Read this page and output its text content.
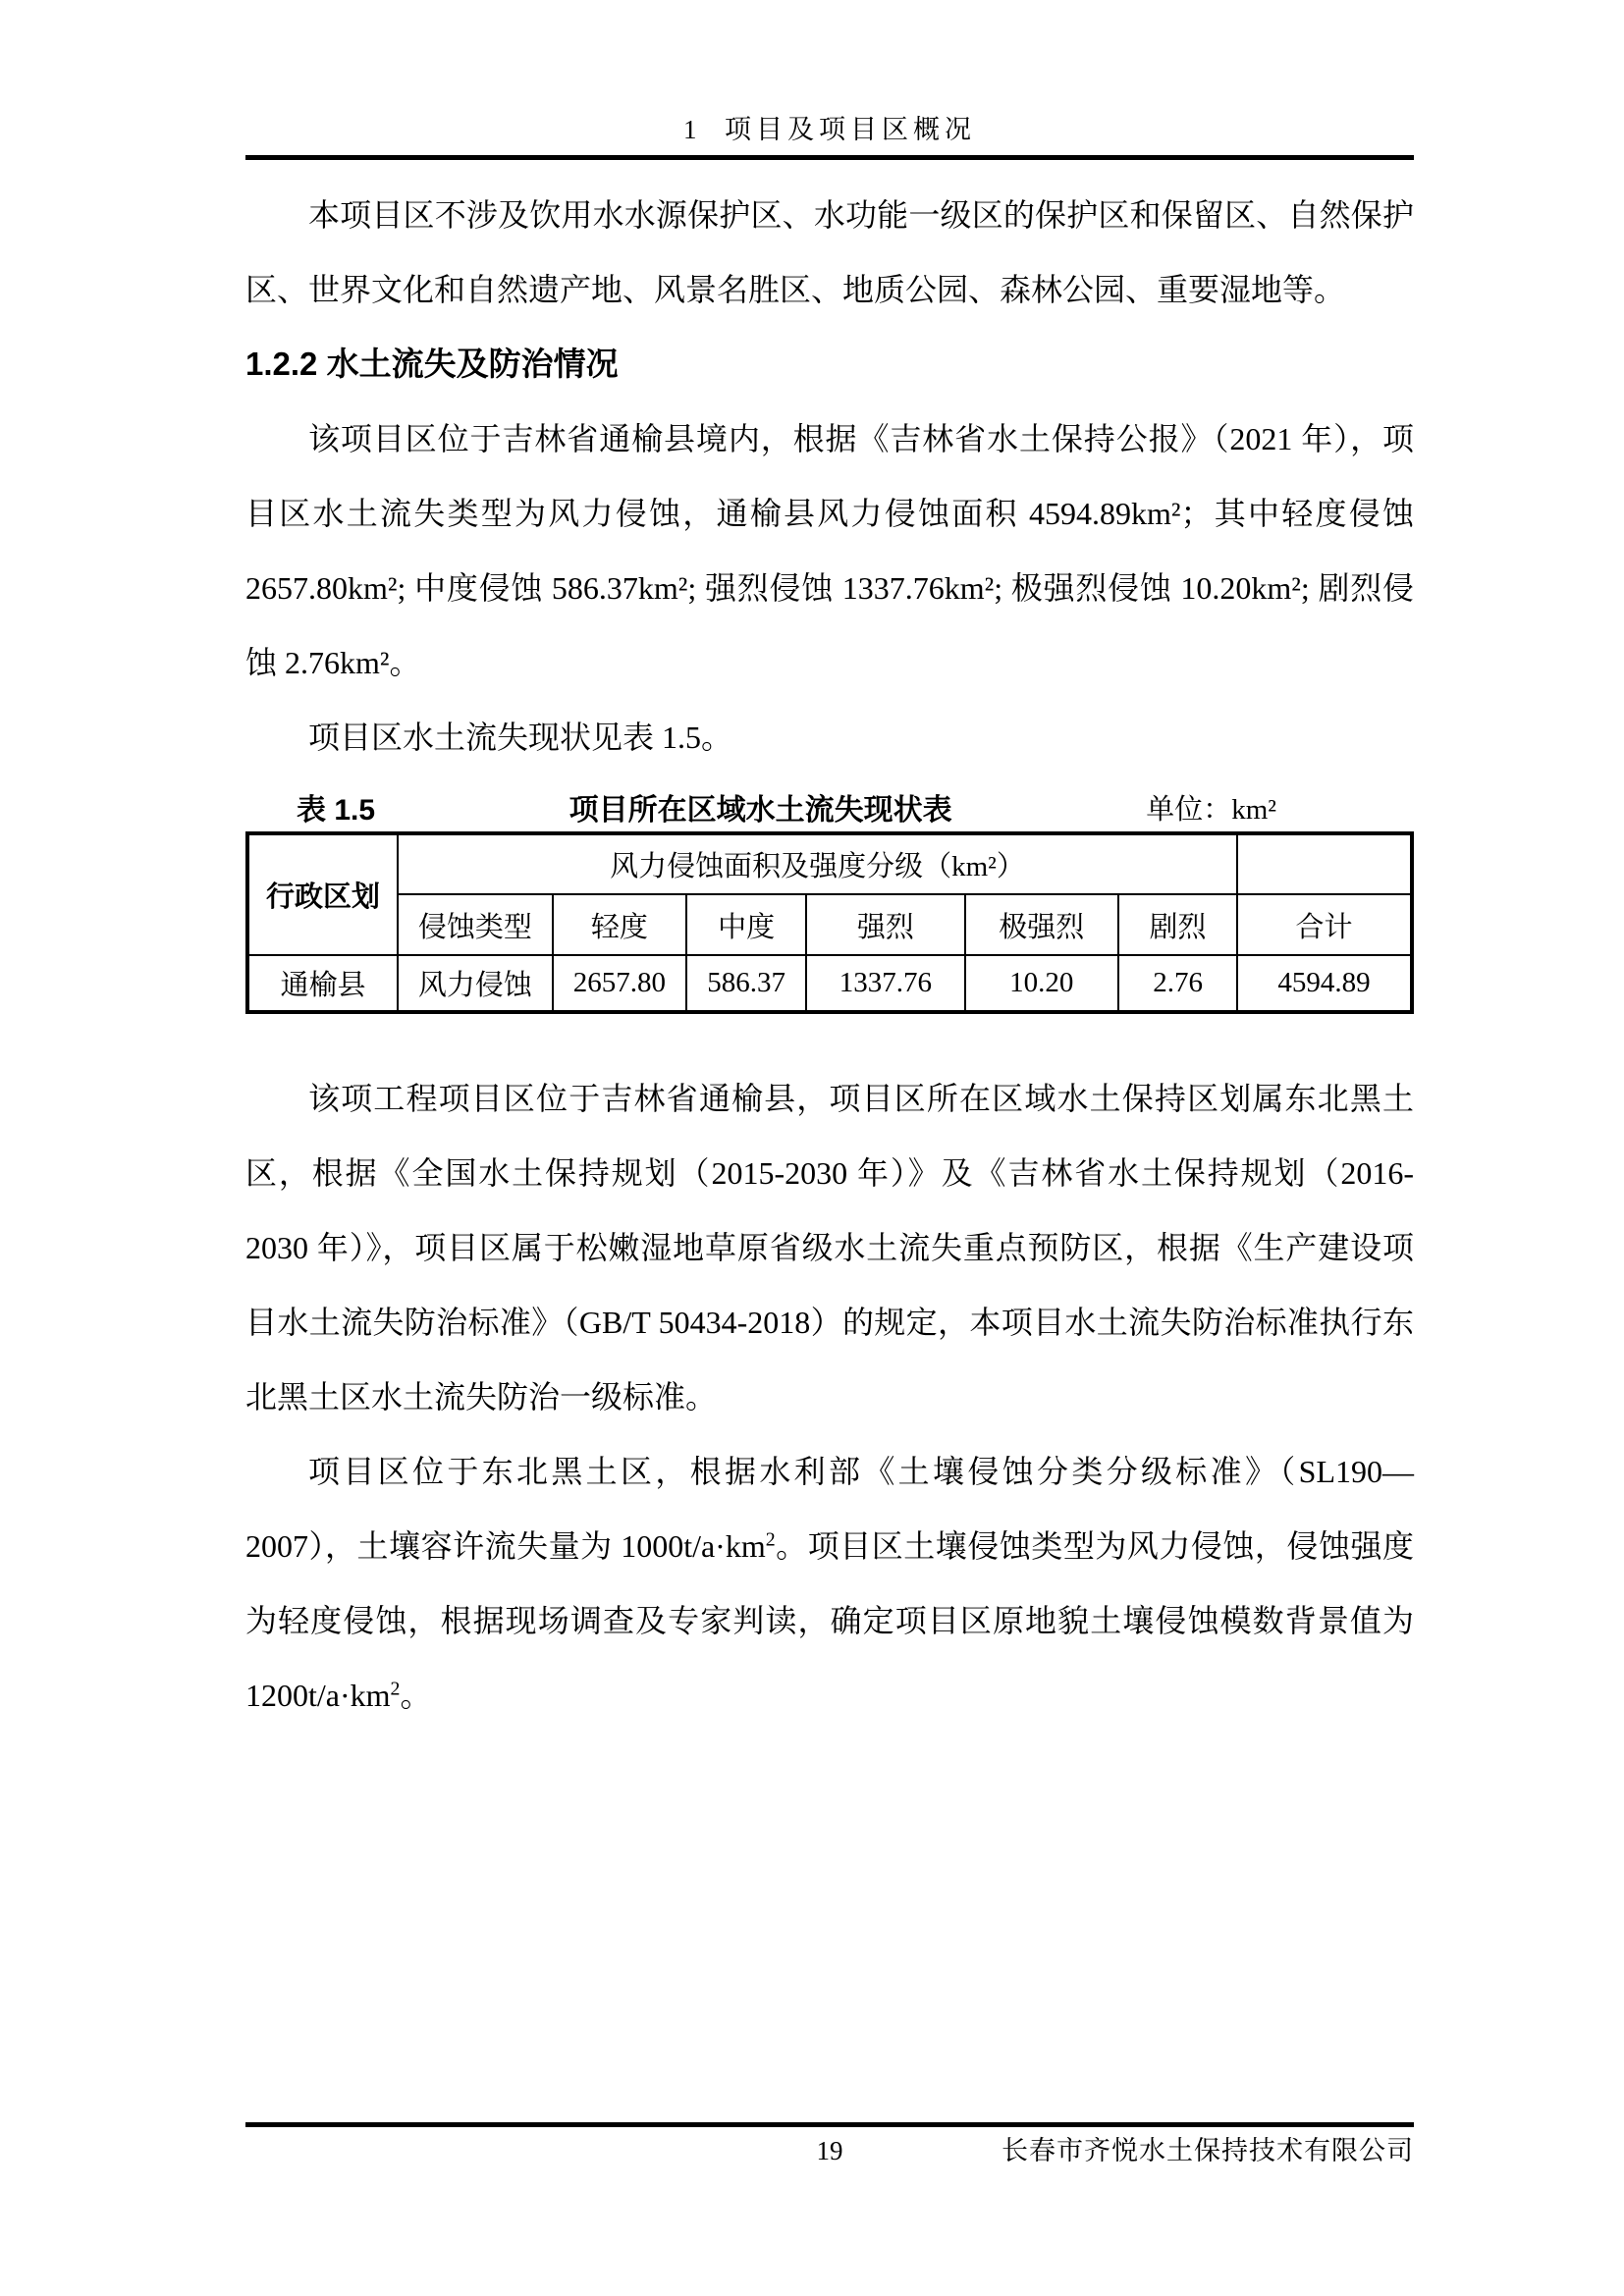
1  项目及项目区概况

本项目区不涉及饮用水水源保护区、水功能一级区的保护区和保留区、自然保护区、世界文化和自然遗产地、风景名胜区、地质公园、森林公园、重要湿地等。

1.2.2 水土流失及防治情况

该项目区位于吉林省通榆县境内，根据《吉林省水土保持公报》（2021 年），项目区水土流失类型为风力侵蚀，通榆县风力侵蚀面积 4594.89km²；其中轻度侵蚀 2657.80km²; 中度侵蚀 586.37km²; 强烈侵蚀 1337.76km²; 极强烈侵蚀 10.20km²; 剧烈侵蚀 2.76km²。

项目区水土流失现状见表 1.5。

表 1.5	项目所在区域水土流失现状表	单位：km²
行政区划	风力侵蚀面积及强度分级（km²）						
	侵蚀类型	轻度	中度	强烈	极强烈	剧烈	合计
通榆县	风力侵蚀	2657.80	586.37	1337.76	10.20	2.76	4594.89

该项工程项目区位于吉林省通榆县，项目区所在区域水土保持区划属东北黑土区，根据《全国水土保持规划（2015-2030 年）》及《吉林省水土保持规划（2016-2030 年）》，项目区属于松嫩湿地草原省级水土流失重点预防区，根据《生产建设项目水土流失防治标准》（GB/T 50434-2018）的规定，本项目水土流失防治标准执行东北黑土区水土流失防治一级标准。

项目区位于东北黑土区，根据水利部《土壤侵蚀分类分级标准》（SL190—2007），土壤容许流失量为 $1000t/a\cdot km^2$。项目区土壤侵蚀类型为风力侵蚀，侵蚀强度为轻度侵蚀，根据现场调查及专家判读，确定项目区原地貌土壤侵蚀模数背景值为 $1200t/a\cdot km^2$。

19	长春市齐悦水土保持技术有限公司
